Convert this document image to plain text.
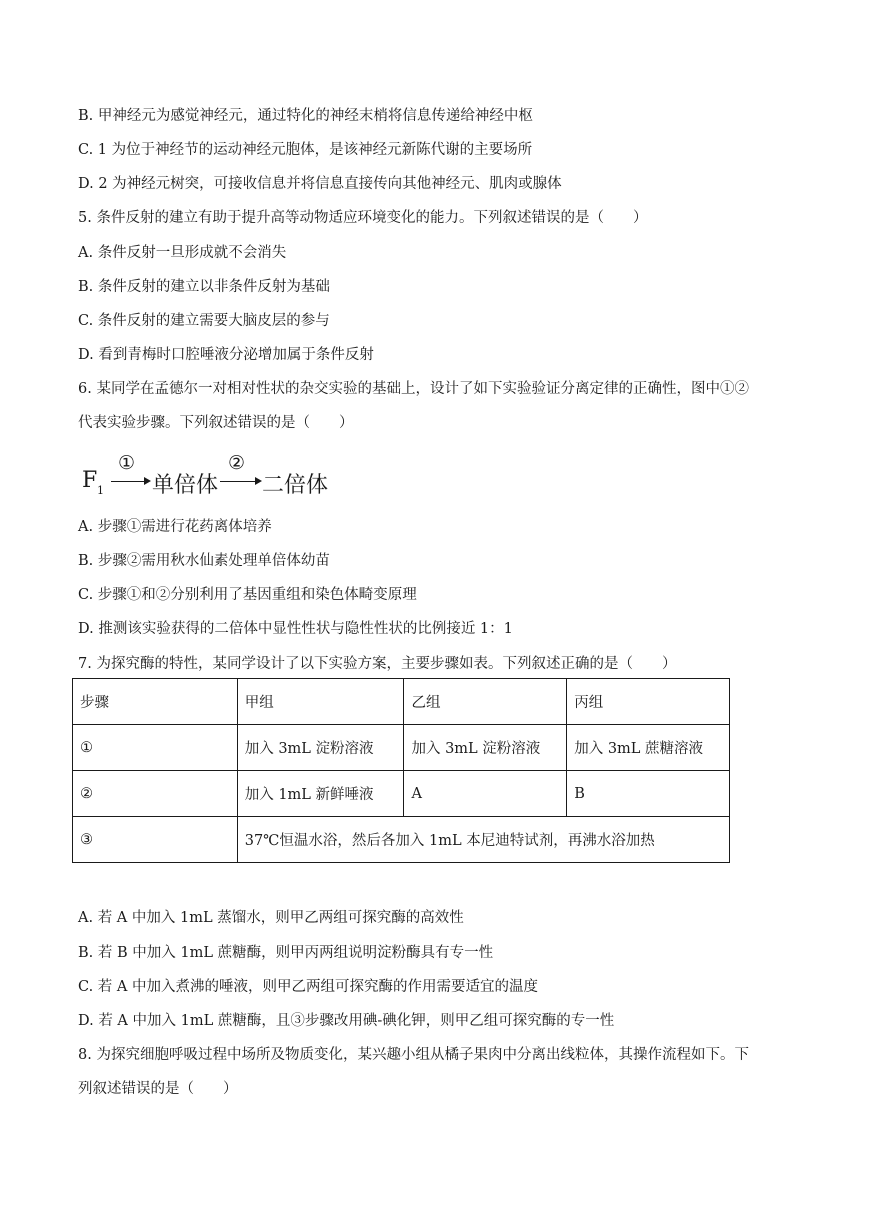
B. 甲神经元为感觉神经元，通过特化的神经末梢将信息传递给神经中枢
C. 1 为位于神经节的运动神经元胞体，是该神经元新陈代谢的主要场所
D. 2 为神经元树突，可接收信息并将信息直接传向其他神经元、肌肉或腺体
5. 条件反射的建立有助于提升高等动物适应环境变化的能力。下列叙述错误的是（　　）
A. 条件反射一旦形成就不会消失
B. 条件反射的建立以非条件反射为基础
C. 条件反射的建立需要大脑皮层的参与
D. 看到青梅时口腔唾液分泌增加属于条件反射
6. 某同学在孟德尔一对相对性状的杂交实验的基础上，设计了如下实验验证分离定律的正确性，图中①②
代表实验步骤。下列叙述错误的是（　　）
F 1
①
单倍体
②
二倍体
A. 步骤①需进行花药离体培养
B. 步骤②需用秋水仙素处理单倍体幼苗
C. 步骤①和②分别利用了基因重组和染色体畸变原理
D. 推测该实验获得的二倍体中显性性状与隐性性状的比例接近 1：1
7. 为探究酶的特性，某同学设计了以下实验方案，主要步骤如表。下列叙述正确的是（　　）
步骤	甲组	乙组	丙组
①	加入 3mL 淀粉溶液	加入 3mL 淀粉溶液	加入 3mL 蔗糖溶液
②	加入 1mL 新鲜唾液	A	B
③	37℃恒温水浴，然后各加入 1mL 本尼迪特试剂，再沸水浴加热		
A. 若 A 中加入 1mL 蒸馏水，则甲乙两组可探究酶的高效性
B. 若 B 中加入 1mL 蔗糖酶，则甲丙两组说明淀粉酶具有专一性
C. 若 A 中加入煮沸的唾液，则甲乙两组可探究酶的作用需要适宜的温度
D. 若 A 中加入 1mL 蔗糖酶，且③步骤改用碘-碘化钾，则甲乙组可探究酶的专一性
8. 为探究细胞呼吸过程中场所及物质变化，某兴趣小组从橘子果肉中分离出线粒体，其操作流程如下。下
列叙述错误的是（　　）
